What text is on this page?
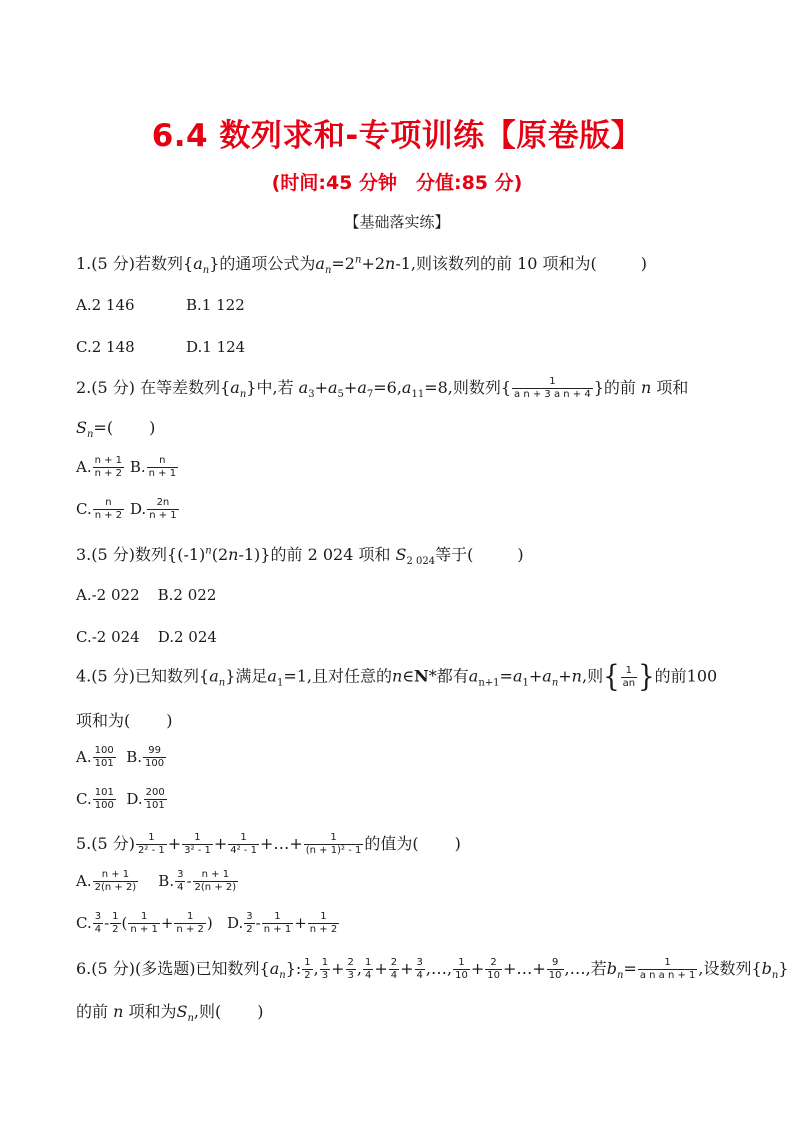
6.4 数列求和-专项训练【原卷版】
(时间:45 分钟　分值:85 分)
【基础落实练】
1.(5 分)若数列$\{a_n\}$的通项公式为$a_n=2^n+2n-1$,则该数列的前 10 项和为(	)
A.2 146	B.1 122
C.2 148	D.1 124
2.(5 分) 在等差数列$\{a_n\}$中,若 $a_3+a_5+a_7=6,a_{11}=8$,则数列{ $\frac{1}{\text{a n + 3 a n + 4}}$ }的前 n 项和
$S_n=$( )
A. $\frac{n + 1}{n + 2} B$. $\frac{n}{n + 1}$
C. $\frac{n}{n + 2} D$. $\frac{2n}{n + 1}$
3.(5 分)数列$\{(-1)^n(2n-1)\}$的前 2 024 项和 $S_{2 024}$等于(	)
A.-2 022 B.2 022
C.-2 024 D.2 024
4.(5 分)已知数列$\{a_n\}$满足$a_1=1$,且对任意的n∈N*都有$a_{n+1}=a_1+a_n+n$,则{ $\frac{1}{an}$ }的前100
项和为( )
A. $\frac{100}{101} B$. $\frac{99}{100}$
C. $\frac{101}{100} D$. $\frac{200}{101}$
5.(5 分) $\frac{1}{\text{2² - 1}} + \frac{1}{\text{3² - 1}} + \frac{1}{\text{4² - 1}}$ +…+ $\frac{1}{\text{(n + 1)² - 1}}$ 的值为( )
A. $\frac{n + 1}{2(n + 2)} B$. $\frac{3}{4} - \frac{n + 1}{2(n + 2)}$
C. $\frac{3}{4} - \frac{1}{2}$ ( $\frac{1}{n + 1} + \frac{1}{n + 2}$ ) D. $\frac{3}{2} - \frac{1}{n + 1} + \frac{1}{n + 2}$
6.(5 分)(多选题)已知数列$\{a_n\}$: $\frac{1}{2}$ , $\frac{1}{3} + \frac{2}{3}$ , $\frac{1}{4} + \frac{2}{4} + \frac{3}{4}$ ,…, $\frac{1}{10} + \frac{2}{10}$ +…+ $\frac{9}{10}$ ,…,若$b_n= \frac{1}{\text{a n a n + 1}}$ ,设数列$\{b_n\}$
的前 n 项和为$S_n$,则( )
